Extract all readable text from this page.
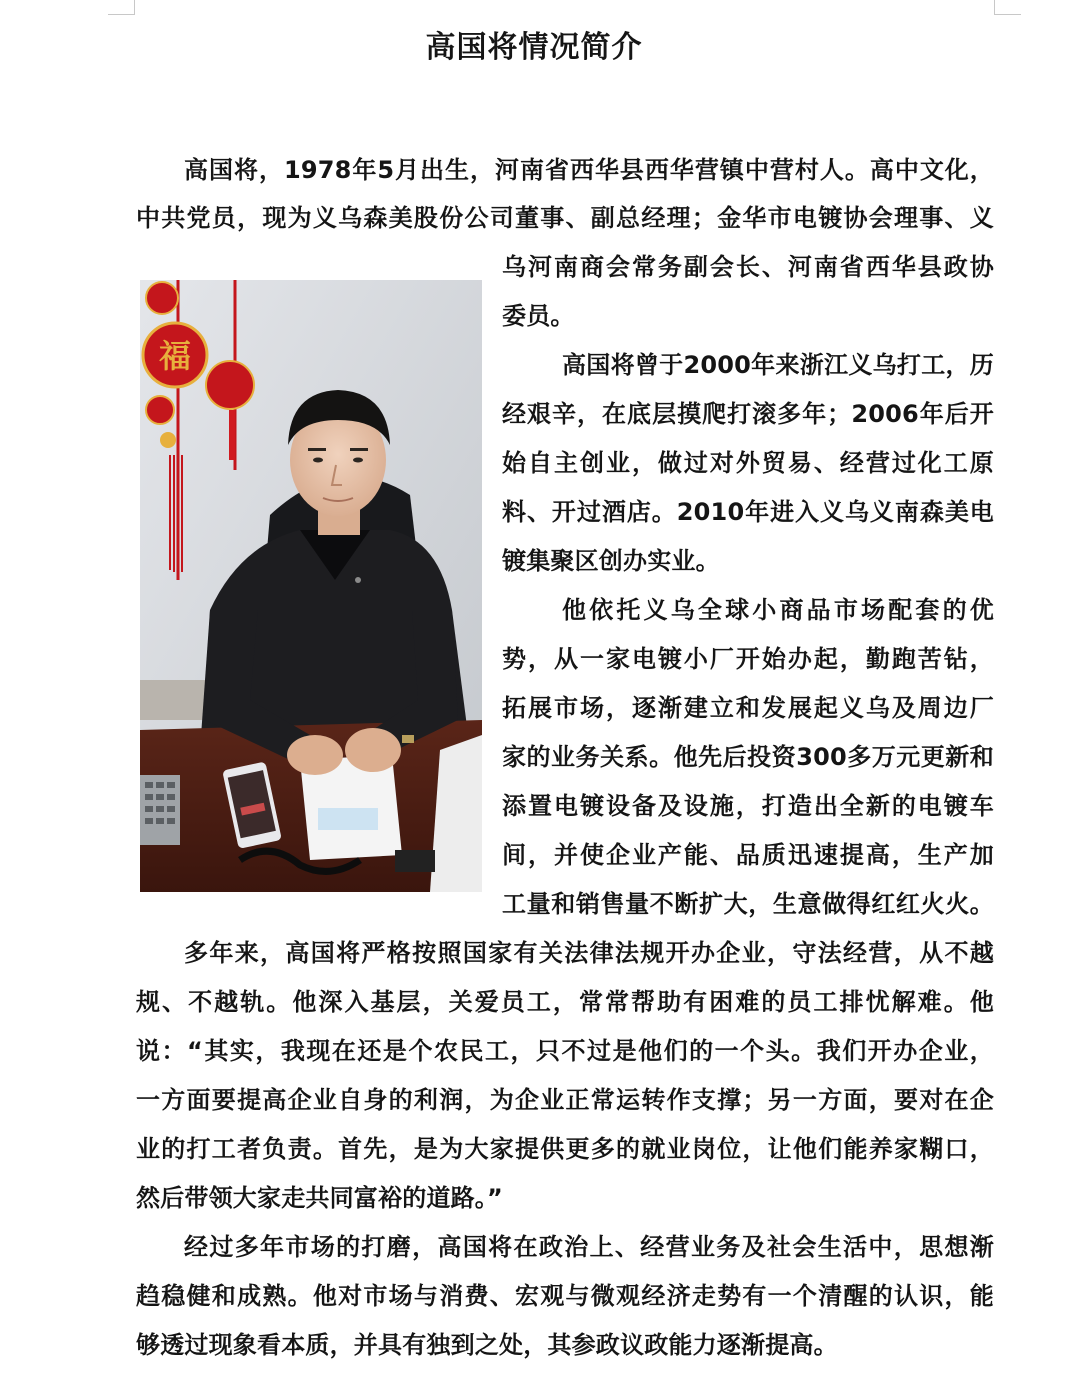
高国将情况简介
高国将，1978年5月出生，河南省西华县西华营镇中营村人。高中文化，
中共党员，现为义乌森美股份公司董事、副总经理；金华市电镀协会理事、义
乌河南商会常务副会长、河南省西华县政协
委员。
高国将曾于2000年来浙江义乌打工，历
经艰辛，在底层摸爬打滚多年；2006年后开
始自主创业，做过对外贸易、经营过化工原
料、开过酒店。2010年进入义乌义南森美电
镀集聚区创办实业。
他依托义乌全球小商品市场配套的优
势，从一家电镀小厂开始办起，勤跑苦钻，
拓展市场，逐渐建立和发展起义乌及周边厂
家的业务关系。他先后投资300多万元更新和
添置电镀设备及设施，打造出全新的电镀车
间，并使企业产能、品质迅速提高，生产加
工量和销售量不断扩大，生意做得红红火火。
多年来，高国将严格按照国家有关法律法规开办企业，守法经营，从不越
规、不越轨。他深入基层，关爱员工，常常帮助有困难的员工排忧解难。他
说：“其实，我现在还是个农民工，只不过是他们的一个头。我们开办企业，
一方面要提高企业自身的利润，为企业正常运转作支撑；另一方面，要对在企
业的打工者负责。首先，是为大家提供更多的就业岗位，让他们能养家糊口，
然后带领大家走共同富裕的道路。”
经过多年市场的打磨，高国将在政治上、经营业务及社会生活中，思想渐
趋稳健和成熟。他对市场与消费、宏观与微观经济走势有一个清醒的认识，能
够透过现象看本质，并具有独到之处，其参政议政能力逐渐提高。
福
